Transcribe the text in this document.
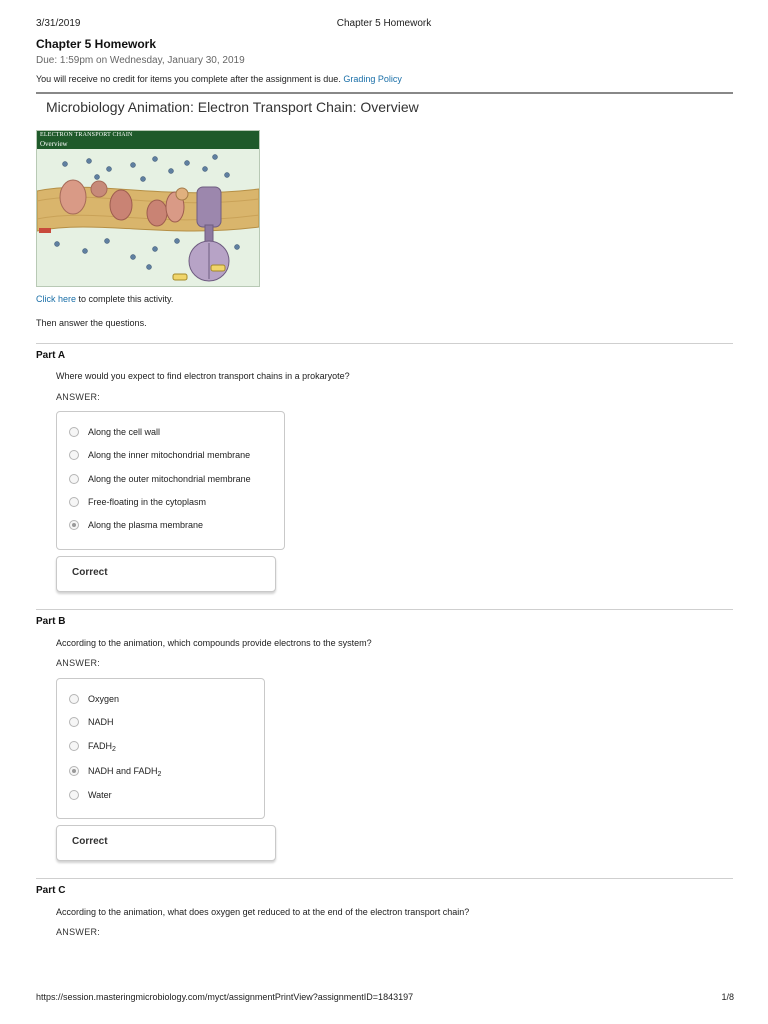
3/31/2019	Chapter 5 Homework
Chapter 5 Homework
Due: 1:59pm on Wednesday, January 30, 2019
You will receive no credit for items you complete after the assignment is due. Grading Policy
Microbiology Animation: Electron Transport Chain: Overview
ELECTRON TRANSPORT CHAIN
Overview
Click here to complete this activity.
Then answer the questions.
Part A
Where would you expect to find electron transport chains in a prokaryote?
ANSWER:
Along the cell wall
Along the inner mitochondrial membrane
Along the outer mitochondrial membrane
Free-floating in the cytoplasm
Along the plasma membrane
Correct
Part B
According to the animation, which compounds provide electrons to the system?
ANSWER:
Oxygen
NADH
$FADH_2$
NADH and $FADH_2$
Water
Correct
Part C
According to the animation, what does oxygen get reduced to at the end of the electron transport chain?
ANSWER:
https://session.masteringmicrobiology.com/myct/assignmentPrintView?assignmentID=1843197	1/8
